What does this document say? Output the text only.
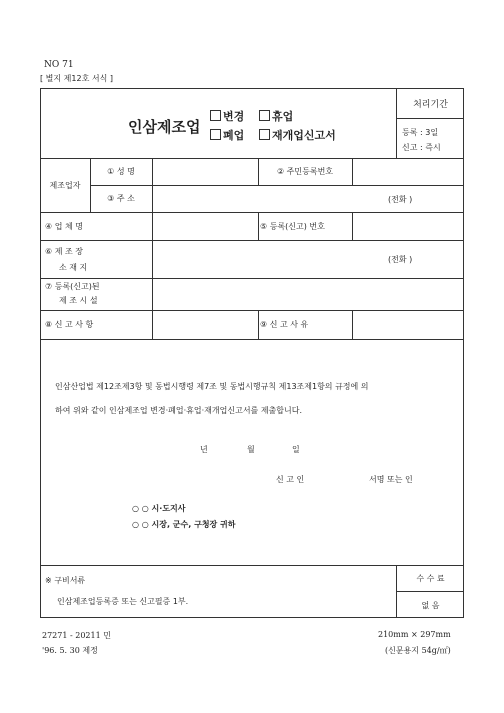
NO 71
[ 별지 제12호 서식 ]
인삼제조업
변경	휴업
폐업	재개업신고서
처리기간
등록 : 3일
신고 : 즉시
제조업자
① 성 명	② 주민등록번호
③ 주 소	(전화 )
④ 업 체 명	⑤ 등록(신고) 번호
⑥ 제 조 장
소 재 지
(전화 )
⑦ 등록(신고)된
제 조 시 설
⑧ 신 고 사 항	⑨ 신 고 사 유
인삼산업법 제12조제3항 및 동법시행령 제7조 및 동법시행규칙 제13조제1항의 규정에 의
하여 위와 같이 인삼제조업 변경·폐업·휴업·재개업신고서를 제출합니다.
년	월	일
신 고 인	서명 또는 인
○ ○ 시·도지사
○ ○ 시장, 군수, 구청장 귀하
※ 구비서류
인삼제조업등록증 또는 신고필증 1부.
수 수 료
없 음
27271 - 20211 민
'96. 5. 30 제정
210mm × 297mm
(신문용지 54g/㎡)
